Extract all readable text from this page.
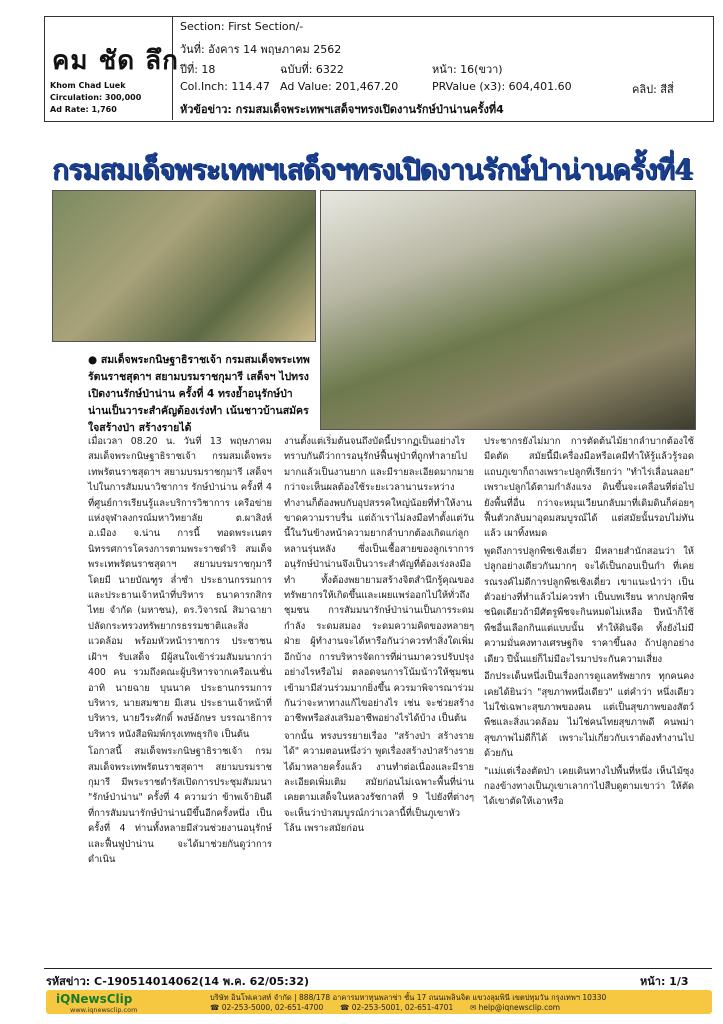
คม ชัด ลึก
Khom Chad Luek
Circulation: 300,000
Ad Rate: 1,760
Section: First Section/-
วันที่: อังคาร 14 พฤษภาคม 2562
ปีที่: 18	ฉบับที่: 6322	หน้า: 16(ขวา)
Col.Inch: 114.47 Ad Value: 201,467.20	PRValue (x3): 604,401.60	คลิป: สีสี่
หัวข้อข่าว: กรมสมเด็จพระเทพฯเสด็จฯทรงเปิดงานรักษ์ป่าน่านครั้งที่4
กรมสมเด็จพระเทพฯเสด็จฯทรงเปิดงานรักษ์ป่าน่านครั้งที่4
● สมเด็จพระกนิษฐาธิราชเจ้า กรมสมเด็จพระเทพรัตนราชสุดาฯ สยามบรมราชกุมารี เสด็จฯ ไปทรงเปิดงานรักษ์ป่าน่าน ครั้งที่ 4 ทรงย้ำอนุรักษ์ป่าน่านเป็นวาระสำคัญต้องเร่งทำ เน้นชาวบ้านสมัครใจสร้างป่า สร้างรายได้

เมื่อเวลา 08.20 น. วันที่ 13 พฤษภาคม สมเด็จพระกนิษฐาธิราชเจ้า กรมสมเด็จพระเทพรัตนราชสุดาฯ สยามบรมราชกุมารี เสด็จฯ ไปในการสัมมนาวิชาการ รักษ์ป่าน่าน ครั้งที่ 4 ที่ศูนย์การเรียนรู้และบริการวิชาการ เครือข่ายแห่งจุฬาลงกรณ์มหาวิทยาลัย ต.ผาสิงห์ อ.เมือง จ.น่าน การนี้ ทอดพระเนตรนิทรรศการโครงการตามพระราชดำริ สมเด็จพระเทพรัตนราชสุดาฯ สยามบรมราชกุมารี โดยมี นายบัณฑูร ล่ำซำ ประธานกรรมการและประธานเจ้าหน้าที่บริหาร ธนาคารกสิกรไทย จำกัด (มหาชน), ดร.วิจารณ์ สิมาฉายา ปลัดกระทรวงทรัพยากรธรรมชาติและสิ่งแวดล้อม พร้อมหัวหน้าราชการ ประชาชนเฝ้าฯ รับเสด็จ มีผู้สนใจเข้าร่วมสัมมนากว่า 400 คน รวมถึงคณะผู้บริหารจากเครือเนชั่น อาทิ นายฉาย บุนนาค ประธานกรรมการบริหาร, นายสมชาย มีเสน ประธานเจ้าหน้าที่บริหาร, นายวีระศักดิ์ พงษ์อักษร บรรณาธิการบริหาร หนังสือพิมพ์กรุงเทพธุรกิจ เป็นต้น

โอกาสนี้ สมเด็จพระกนิษฐาธิราชเจ้า กรมสมเด็จพระเทพรัตนราชสุดาฯ สยามบรมราชกุมารี มีพระราชดำรัสเปิดการประชุมสัมมนา "รักษ์ป่าน่าน" ครั้งที่ 4 ความว่า ข้าพเจ้ายินดีที่การสัมมนารักษ์ป่าน่านมีขึ้นอีกครั้งหนึ่ง เป็นครั้งที่ 4 ท่านทั้งหลายมีส่วนช่วยงานอนุรักษ์และฟื้นฟูป่าน่าน จะได้มาช่วยกันดูว่าการดำเนิน

งานตั้งแต่เริ่มต้นจนถึงบัดนี้ปรากฏเป็นอย่างไร ทราบกันดีว่าการอนุรักษ์ฟื้นฟูป่าที่ถูกทำลายไปมากแล้วเป็นงานยาก และมีรายละเอียดมากมาย กว่าจะเห็นผลต้องใช้ระยะเวลานานระหว่างทำงานก็ต้องพบกับอุปสรรคใหญ่น้อยที่ทำให้งานขาดความราบรื่น แต่ถ้าเราไม่ลงมือทำตั้งแต่วันนี้ในวันข้างหน้าความยากลำบากต้องเกิดแก่ลูกหลานรุ่นหลัง ซึ่งเป็นเชื้อสายของลูกเราการอนุรักษ์ป่าน่านจึงเป็นวาระสำคัญที่ต้องเร่งลงมือทำ ทั้งต้องพยายามสร้างจิตสำนึกรู้คุณของทรัพยากรให้เกิดขึ้นและเผยแพร่ออกไปให้ทั่วถึงชุมชน การสัมมนารักษ์ป่าน่านเป็นการระดมกำลัง ระดมสมอง ระดมความคิดของหลายๆ ฝ่าย ผู้ทำงานจะได้หารือกันว่าควรทำสิ่งใดเพิ่มอีกบ้าง การบริหารจัดการที่ผ่านมาควรปรับปรุงอย่างไรหรือไม่ ตลอดจนการโน้มน้าวให้ชุมชนเข้ามามีส่วนร่วมมากยิ่งขึ้น ควรมาพิจารณาร่วมกันว่าจะหาทางแก้ไขอย่างไร เช่น จะช่วยสร้างอาชีพหรือส่งเสริมอาชีพอย่างไรได้บ้าง เป็นต้น

จากนั้น ทรงบรรยายเรื่อง "สร้างป่า สร้างรายได้" ความตอนหนึ่งว่า พูดเรื่องสร้างป่าสร้างรายได้มาหลายครั้งแล้ว งานทำต่อเนื่องและมีรายละเอียดเพิ่มเติม สมัยก่อนไม่เฉพาะพื้นที่น่าน เคยตามเสด็จในหลวงรัชกาลที่ 9 ไปยังที่ต่างๆ จะเห็นว่าป่าสมบูรณ์กว่าเวลานี้ที่เป็นภูเขาหัวโล้น เพราะสมัยก่อน

ประชากรยังไม่มาก การตัดต้นไม้ยากลำบากต้องใช้มีดตัด สมัยนี้มีเครื่องมือหรือเคมีทำให้รู้แล้วรู้รอด แถบภูเขาก็ถางเพราะปลูกที่เรียกว่า "ทำไร่เลื่อนลอย" เพราะปลูกได้ตามกำลังแรง ดินขึ้นจะเคลื่อนที่ต่อไปยังพื้นที่อื่น กว่าจะหมุนเวียนกลับมาที่เดิมดินก็ค่อยๆ ฟื้นตัวกลับมาอุดมสมบูรณ์ได้ แต่สมัยนั้นรอบไม่ทันแล้ว เผาทิ้งหมด

พูดถึงการปลูกพืชเชิงเดี่ยว มีหลายสำนักสอนว่า ให้ปลูกอย่างเดียวกันมากๆ จะได้เป็นกอบเป็นกำ ที่เคยรณรงค์ไม่ดีการปลูกพืชเชิงเดี่ยว เขาแนะนำว่า เป็นตัวอย่างที่ทำแล้วไม่ควรทำ เป็นบทเรียน หากปลูกพืชชนิดเดียวถ้ามีศัตรูพืชจะกินหมดไม่เหลือ ปีหน้าก็ใช้พืชอื่นเลือกกินแต่แบบนั้น ทำให้ดินจืด ทั้งยังไม่มีความมั่นคงทางเศรษฐกิจ ราคาขึ้นลง ถ้าปลูกอย่างเดียว ปีนั้นแย่ก็ไม่มีอะไรมาประกันความเสี่ยง

อีกประเด็นหนึ่งเป็นเรื่องการดูแลทรัพยากร ทุกคนคงเคยได้ยินว่า "สุขภาพหนึ่งเดียว" แต่คำว่า หนึ่งเดียวไม่ใช่เฉพาะสุขภาพของคน แต่เป็นสุขภาพของสัตว์ พืชและสิ่งแวดล้อม ไม่ใช่คนไทยสุขภาพดี คนพม่าสุขภาพไม่ดีก็ได้ เพราะไม่เกี่ยวกับเราต้องทำงานไปด้วยกัน

"แม่แต่เรื่องตัดป่า เคยเดินทางไปพื้นที่หนึ่ง เห็นไม้ซุงกองข้างทางเป็นภูเขาเลากาไปสืบดูตามเขาว่า ให้ตัดได้เขาตัดให้เอาหรือ

รหัสข่าว: C-190514014062(14 พ.ค. 62/05:32)	หน้า: 1/3
iQNewsClip
www.iqnewsclip.com
บริษัท อินโฟเควสท์ จำกัด | 888/178 อาคารมหาทุนพลาซ่า ชั้น 17 ถนนเพลินจิต แขวงลุมพินี เขตปทุมวัน กรุงเทพฯ 10330
☎ 02-253-5000, 02-651-4700 ☎ 02-253-5001, 02-651-4701 ✉ help@iqnewsclip.com
